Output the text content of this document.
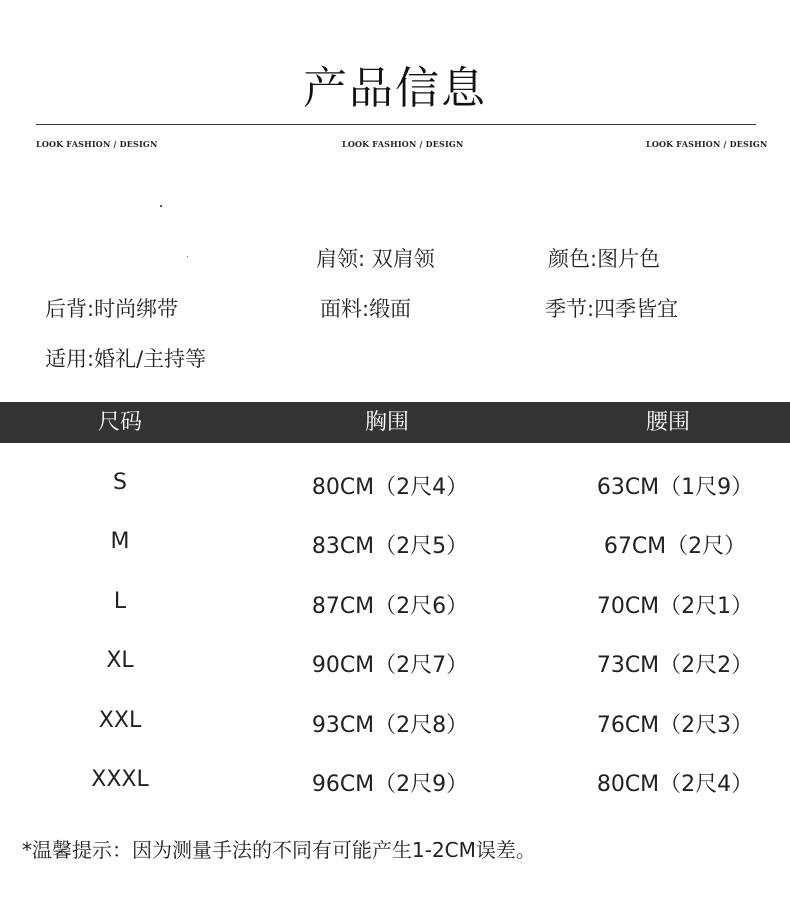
产品信息
LOOK FASHION / DESIGN	LOOK FASHION / DESIGN	LOOK FASHION / DESIGN
肩领: 双肩领	颜色:图片色
后背:时尚绑带	面料:缎面	季节:四季皆宜
适用:婚礼/主持等
尺码	胸围	腰围
S	80CM（2尺4）	63CM（1尺9）
M	83CM（2尺5）	67CM（2尺）
L	87CM（2尺6）	70CM（2尺1）
XL	90CM（2尺7）	73CM（2尺2）
XXL	93CM（2尺8）	76CM（2尺3）
XXXL	96CM（2尺9）	80CM（2尺4）
*温馨提示：因为测量手法的不同有可能产生1-2CM误差。
